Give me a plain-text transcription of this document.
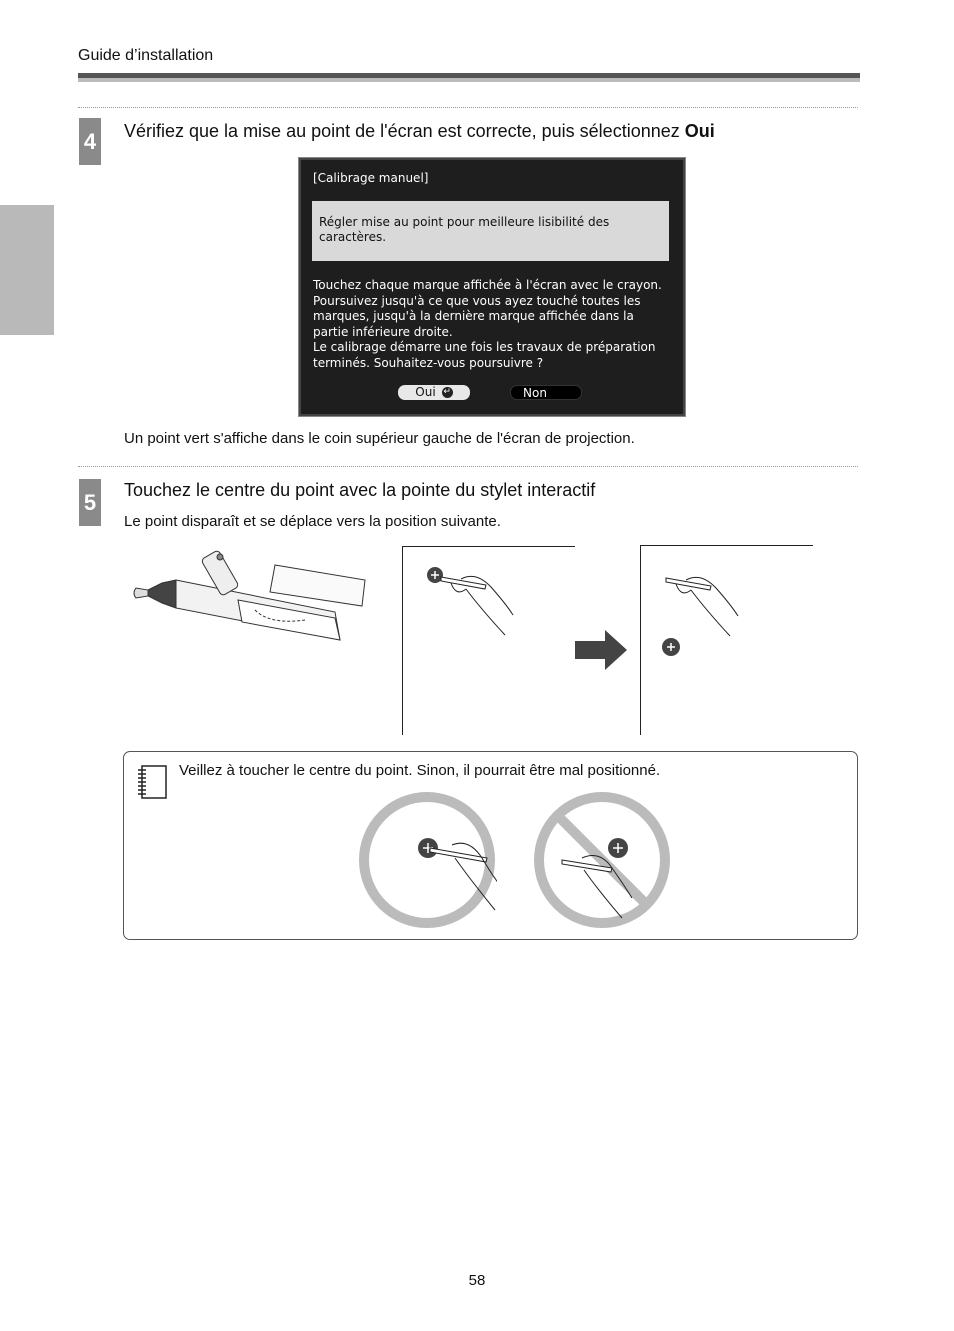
Guide d’installation
4 Vérifiez que la mise au point de l'écran est correcte, puis sélectionnez Oui
[Calibrage manuel]
Régler mise au point pour meilleure lisibilité des caractères.
Touchez chaque marque affichée à l'écran avec le crayon.
Poursuivez jusqu'à ce que vous ayez touché toutes les
marques, jusqu'à la dernière marque affichée dans la
partie inférieure droite.
Le calibrage démarre une fois les travaux de préparation
terminés. Souhaitez-vous poursuivre ?
Oui ↵	Non
Un point vert s'affiche dans le coin supérieur gauche de l'écran de projection.
5 Touchez le centre du point avec la pointe du stylet interactif
Le point disparaît et se déplace vers la position suivante.
Veillez à toucher le centre du point. Sinon, il pourrait être mal positionné.
58
